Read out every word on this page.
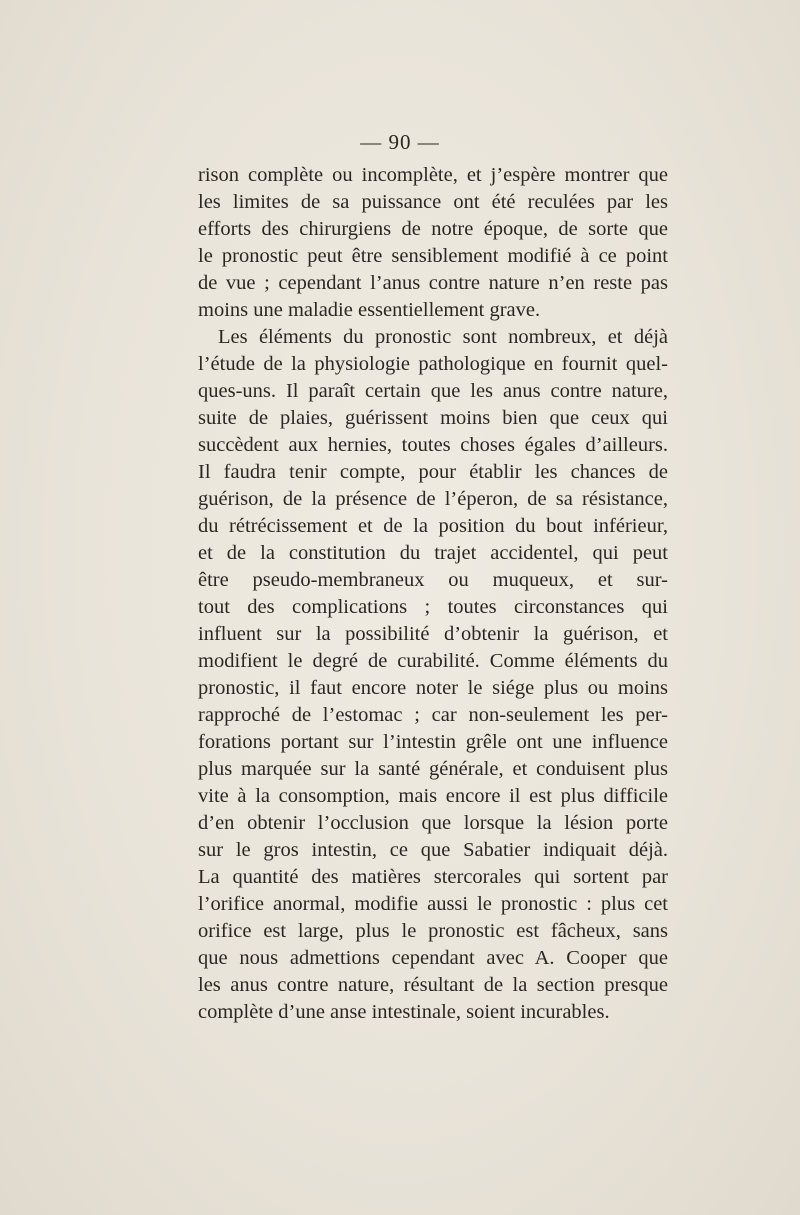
— 90 —
rison complète ou incomplète, et j’espère montrer que
les limites de sa puissance ont été reculées par les
efforts des chirurgiens de notre époque, de sorte que
le pronostic peut être sensiblement modifié à ce point
de vue ; cependant l’anus contre nature n’en reste pas
moins une maladie essentiellement grave.
Les éléments du pronostic sont nombreux, et déjà
l’étude de la physiologie pathologique en fournit quel-
ques-uns. Il paraît certain que les anus contre nature,
suite de plaies, guérissent moins bien que ceux qui
succèdent aux hernies, toutes choses égales d’ailleurs.
Il faudra tenir compte, pour établir les chances de
guérison, de la présence de l’éperon, de sa résistance,
du rétrécissement et de la position du bout inférieur,
et de la constitution du trajet accidentel, qui peut
être pseudo-membraneux ou muqueux, et sur-
tout des complications ; toutes circonstances qui
influent sur la possibilité d’obtenir la guérison, et
modifient le degré de curabilité. Comme éléments du
pronostic, il faut encore noter le siége plus ou moins
rapproché de l’estomac ; car non-seulement les per-
forations portant sur l’intestin grêle ont une influence
plus marquée sur la santé générale, et conduisent plus
vite à la consomption, mais encore il est plus difficile
d’en obtenir l’occlusion que lorsque la lésion porte
sur le gros intestin, ce que Sabatier indiquait déjà.
La quantité des matières stercorales qui sortent par
l’orifice anormal, modifie aussi le pronostic : plus cet
orifice est large, plus le pronostic est fâcheux, sans
que nous admettions cependant avec A. Cooper que
les anus contre nature, résultant de la section presque
complète d’une anse intestinale, soient incurables.
